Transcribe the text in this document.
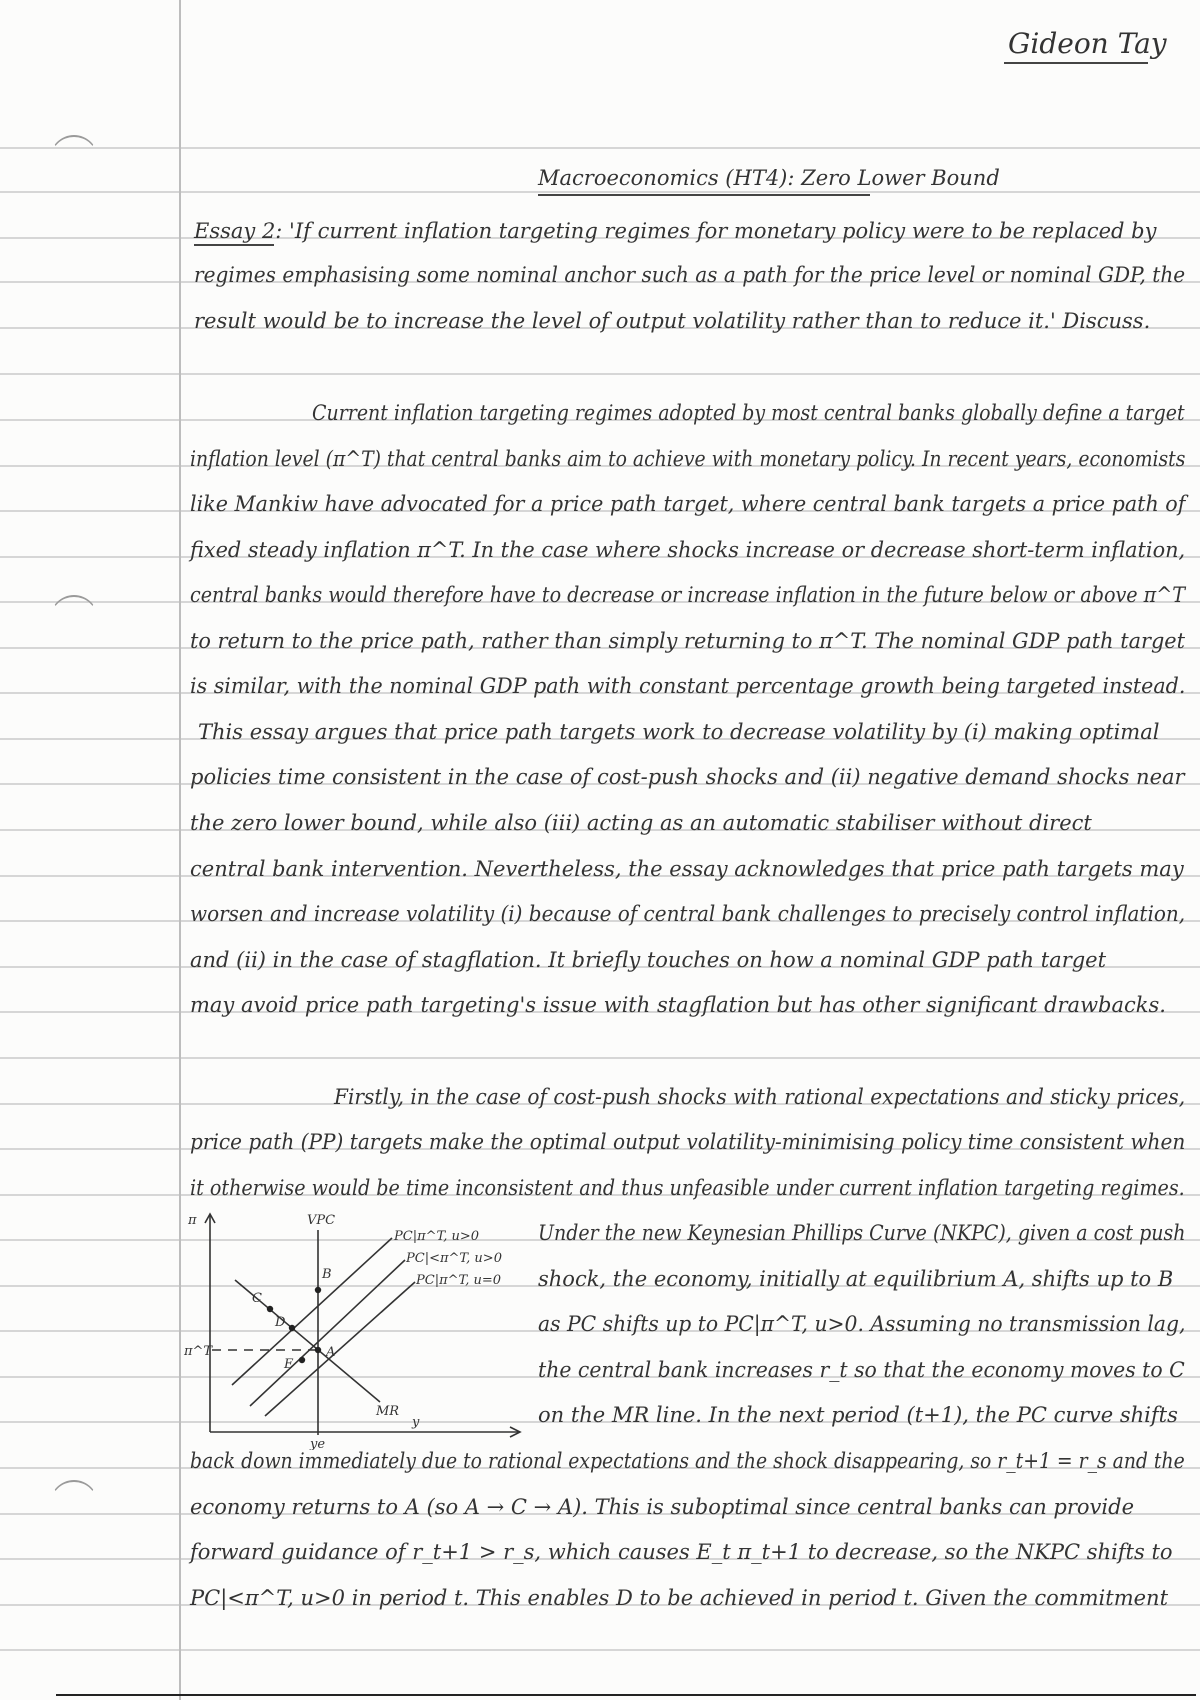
Gideon Tay
Macroeconomics (HT4): Zero Lower Bound
Essay 2: 'If current inflation targeting regimes for monetary policy were to be replaced by
regimes emphasising some nominal anchor such as a path for the price level or nominal GDP, the
result would be to increase the level of output volatility rather than to reduce it.' Discuss.
Current inflation targeting regimes adopted by most central banks globally define a target
inflation level (π^T) that central banks aim to achieve with monetary policy. In recent years, economists
like Mankiw have advocated for a price path target, where central bank targets a price path of
fixed steady inflation π^T. In the case where shocks increase or decrease short-term inflation,
central banks would therefore have to decrease or increase inflation in the future below or above π^T
to return to the price path, rather than simply returning to π^T. The nominal GDP path target
is similar, with the nominal GDP path with constant percentage growth being targeted instead.
This essay argues that price path targets work to decrease volatility by (i) making optimal
policies time consistent in the case of cost-push shocks and (ii) negative demand shocks near
the zero lower bound, while also (iii) acting as an automatic stabiliser without direct
central bank intervention. Nevertheless, the essay acknowledges that price path targets may
worsen and increase volatility (i) because of central bank challenges to precisely control inflation,
and (ii) in the case of stagflation. It briefly touches on how a nominal GDP path target
may avoid price path targeting's issue with stagflation but has other significant drawbacks.
Firstly, in the case of cost-push shocks with rational expectations and sticky prices,
price path (PP) targets make the optimal output volatility-minimising policy time consistent when
it otherwise would be time inconsistent and thus unfeasible under current inflation targeting regimes.
Under the new Keynesian Phillips Curve (NKPC), given a cost push
shock, the economy, initially at equilibrium A, shifts up to B
as PC shifts up to PC|π^T, u>0. Assuming no transmission lag,
the central bank increases r_t so that the economy moves to C
on the MR line. In the next period (t+1), the PC curve shifts
back down immediately due to rational expectations and the shock disappearing, so r_t+1 = r_s and the
economy returns to A (so A → C → A). This is suboptimal since central banks can provide
forward guidance of r_t+1 > r_s, which causes E_t π_t+1 to decrease, so the NKPC shifts to
PC|<π^T, u>0 in period t. This enables D to be achieved in period t. Given the commitment
π
y
VPC
ye
π^T
PC|π^T, u>0
PC|<π^T, u>0
PC|π^T, u=0
MR
A
B
C
D
E
